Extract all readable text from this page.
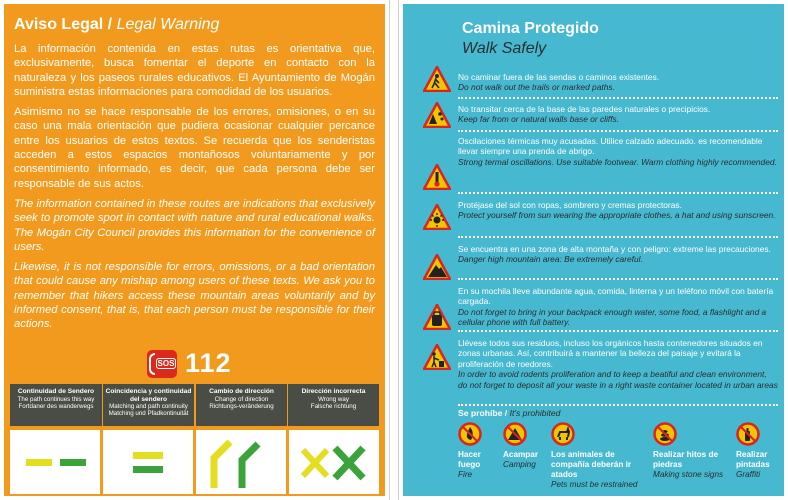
Aviso Legal / Legal Warning

La información contenida en estas rutas es orientativa que, exclusivamente, busca fomentar el deporte en contacto con la naturaleza y los paseos rurales educativos. El Ayuntamiento de Mogán suministra estas informaciones para comodidad de los usuarios.

Asimismo no se hace responsable de los errores, omisiones, o en su caso una mala orientación que pudiera ocasionar cualquier percance entre los usuarios de estos textos. Se recuerda que los senderistas acceden a estos espacios montañosos voluntariamente y por consentimiento informado, es decir, que cada persona debe ser responsable de sus actos.

The information contained in these routes are indications that exclusively seek to promote sport in contact with nature and rural educational walks. The Mogán City Council provides this information for the convenience of users.

Likewise, it is not responsible for errors, omissions, or a bad orientation that could cause any mishap among users of these texts. We ask you to remember that hikers access these mountain areas voluntarily and by informed consent, that is, that each person must be responsible for their actions.

SOS 112
Continuidad de Sendero
The path continues this way
Fortdaner des wanderwegs
Coincidencia y continuidad del sendero
Matching and path continuity
Matching und Pfadkontinuität
Cambio de dirección
Change of direction
Richtungs-veränderung
Dirección incorrecta
Wrong way
Falsche richtung
Camina Protegido
Walk Safely
No caminar fuera de las sendas o caminos existentes.
Do not walk out the trails or marked paths.
No transitar cerca de la base de las paredes naturales o precipicios.
Keep far from or natural walls base or cliffs.
Oscilaciones térmicas muy acusadas. Utilice calzado adecuado. es recomendable llevar siempre una prenda de abrigo.
Strong termal oscillations. Use suitable footwear. Warm clothing highly recommended.
Protéjase del sol con ropas, sombrero y cremas protectoras.
Protect yourself from sun wearing the appropriate clothes, a hat and using sunscreen.
Se encuentra en una zona de alta montaña y con peligro: extreme las precauciones.
Danger high mountain area: Be extremely careful.
En su mochila lleve abundante agua, comida, linterna y un teléfono móvil con batería cargada.
Do not forget to bring in your backpack enough water, some food, a flashlight and a cellular phone with full battery.
Llévese todos sus residuos, incluso los orgánicos hasta contenedores situados en zonas urbanas. Así, contribuirá a mantener la belleza del paisaje y evitará la proliferación de roedores.
In order to avoid rodents proliferation and to keep a beatiful and clean environment, do not forget to deposit all your waste in a right waste container located in urban areas
Se prohíbe / It's prohibited
Hacer fuego
Fire
Acampar
Camping
Los animales de compañía deberán ir atados
Pets must be restrained
Realizar hitos de piedras
Making stone signs
Realizar pintadas
Graffiti
